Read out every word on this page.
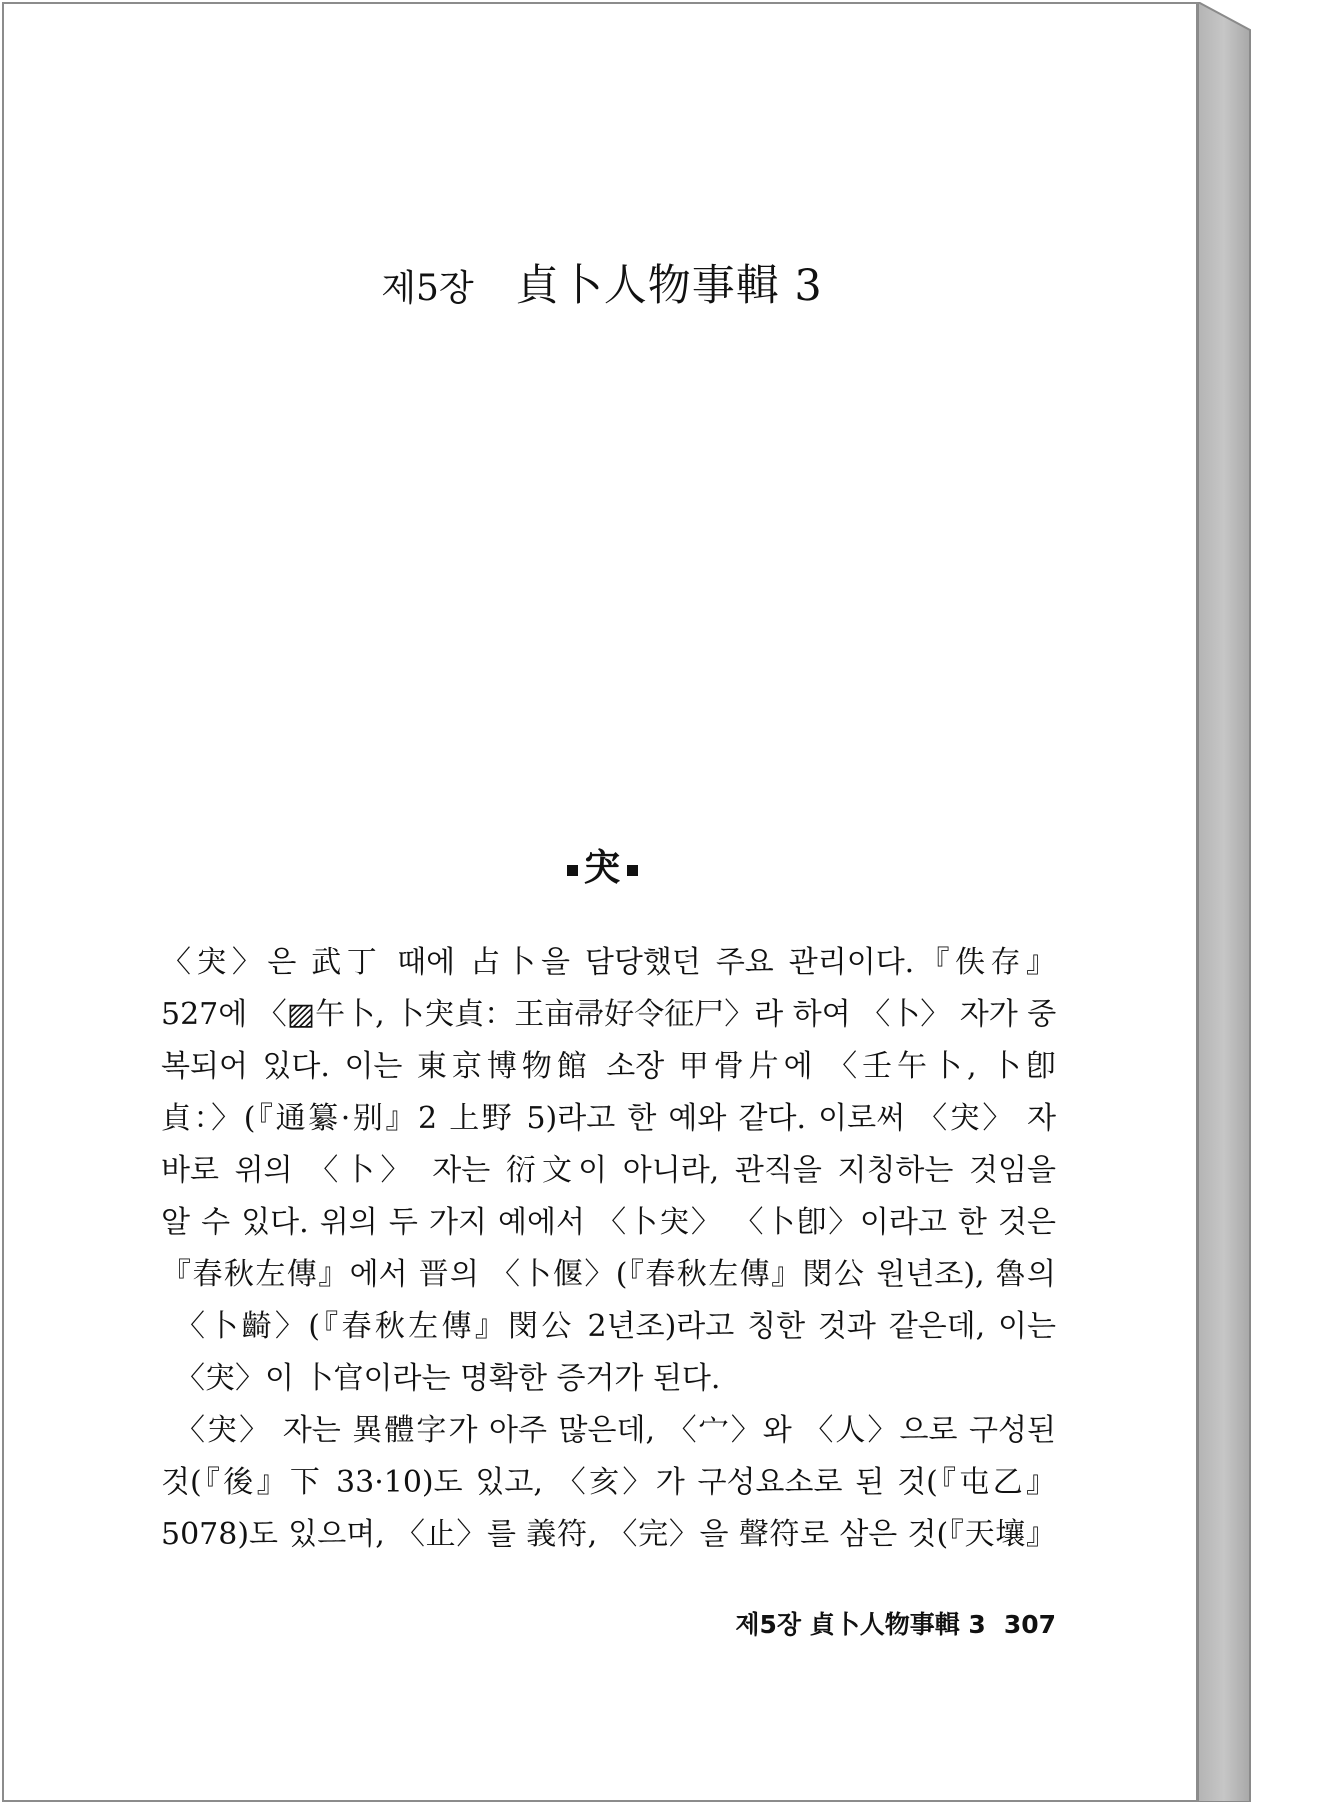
제5장 貞卜人物事輯 3
宊
〈宊〉은 武丁 때에 占卜을 담당했던 주요 관리이다.『佚存』
527에 〈▨午卜, 卜宊貞：王亩帚好令征尸〉라 하여 〈卜〉 자가 중
복되어 있다. 이는 東京博物館 소장 甲骨片에 〈壬午卜, 卜卽
貞：〉(『通纂·别』2 上野 5)라고 한 예와 같다. 이로써 〈宊〉 자
바로 위의 〈卜〉 자는 衍文이 아니라, 관직을 지칭하는 것임을
알 수 있다. 위의 두 가지 예에서 〈卜宊〉 〈卜卽〉이라고 한 것은
『春秋左傳』에서 晋의 〈卜偃〉(『春秋左傳』閔公 원년조), 魯의
〈卜齮〉(『春秋左傳』閔公 2년조)라고 칭한 것과 같은데, 이는
〈宊〉이 卜官이라는 명확한 증거가 된다.
〈宊〉 자는 異體字가 아주 많은데, 〈宀〉와 〈人〉으로 구성된
것(『後』下 33·10)도 있고, 〈亥〉가 구성요소로 된 것(『屯乙』
5078)도 있으며, 〈止〉를 義符, 〈完〉을 聲符로 삼은 것(『天壤』
제5장 貞卜人物事輯 3 307
